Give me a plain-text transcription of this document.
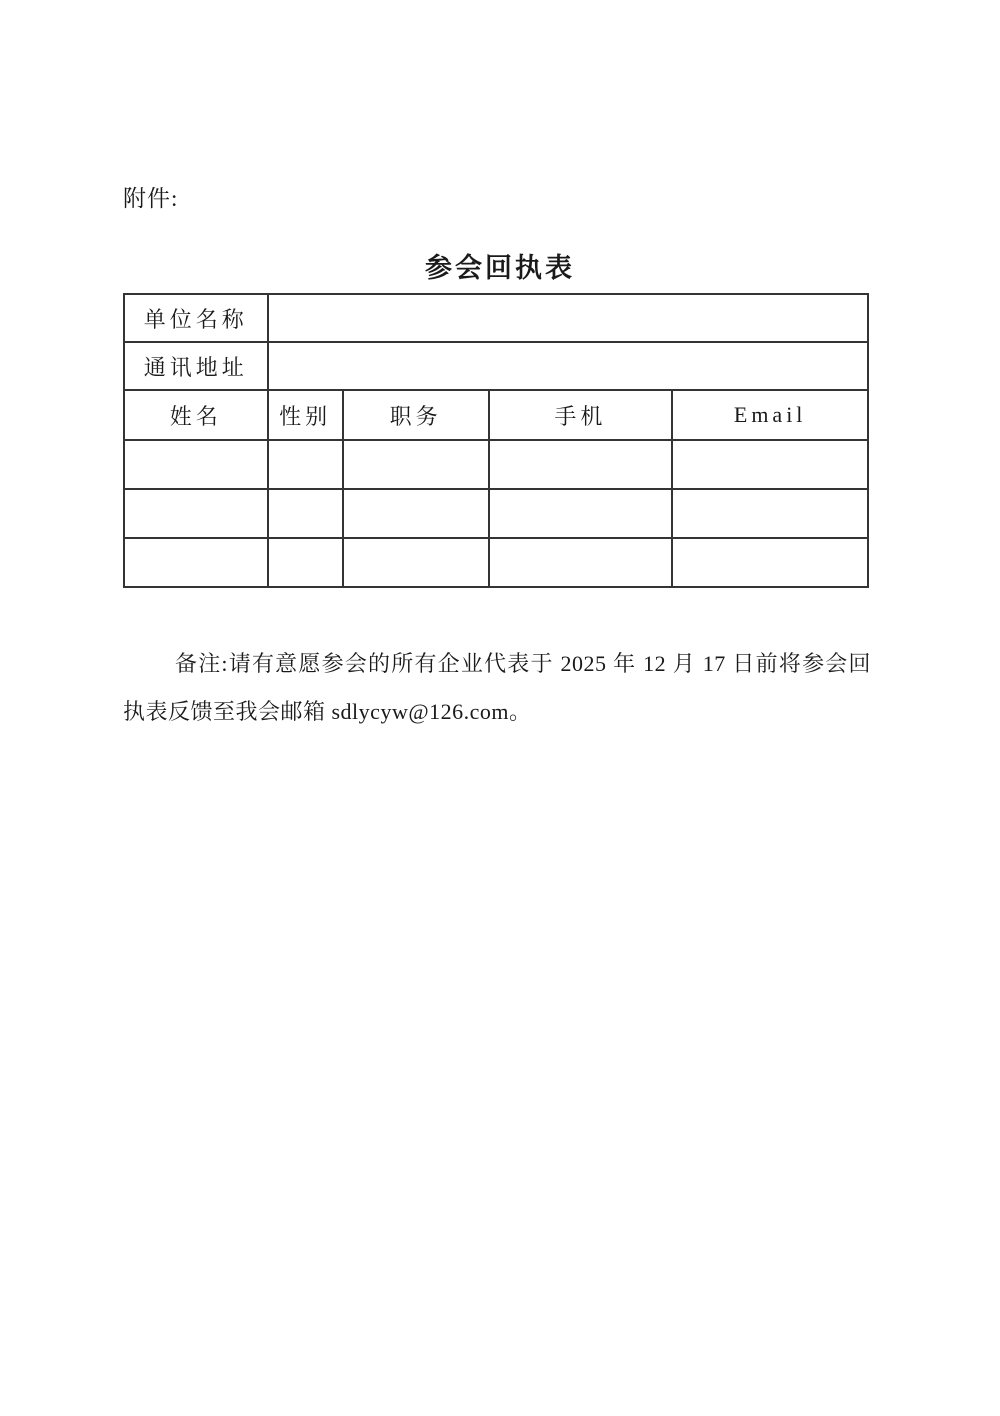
附件:
参会回执表
单位名称				
通讯地址				
姓名	性别	职务	手机	Email

备注:请有意愿参会的所有企业代表于 2025 年 12 月 17 日前将参会回执表反馈至我会邮箱 sdlycyw@126.com。
